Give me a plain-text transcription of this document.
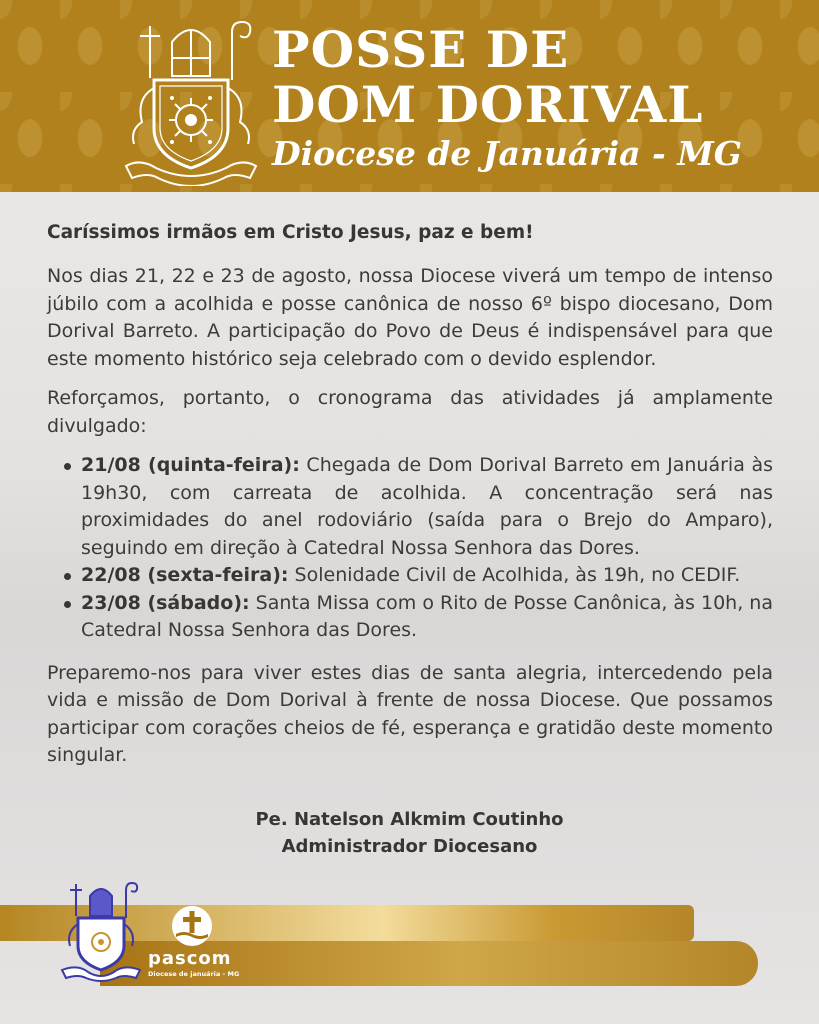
POSSE DE
DOM DORIVAL
Diocese de Januária - MG

Caríssimos irmãos em Cristo Jesus, paz e bem!

Nos dias 21, 22 e 23 de agosto, nossa Diocese viverá um tempo de intenso júbilo com a acolhida e posse canônica de nosso 6º bispo diocesano, Dom Dorival Barreto. A participação do Povo de Deus é indispensável para que este momento histórico seja celebrado com o devido esplendor.

Reforçamos, portanto, o cronograma das atividades já amplamente divulgado:

21/08 (quinta-feira): Chegada de Dom Dorival Barreto em Januária às 19h30, com carreata de acolhida. A concentração será nas proximidades do anel rodoviário (saída para o Brejo do Amparo), seguindo em direção à Catedral Nossa Senhora das Dores.
22/08 (sexta-feira): Solenidade Civil de Acolhida, às 19h, no CEDIF.
23/08 (sábado): Santa Missa com o Rito de Posse Canônica, às 10h, na Catedral Nossa Senhora das Dores.

Preparemo-nos para viver estes dias de santa alegria, intercedendo pela vida e missão de Dom Dorival à frente de nossa Diocese. Que possamos participar com corações cheios de fé, esperança e gratidão deste momento singular.

Pe. Natelson Alkmim Coutinho
Administrador Diocesano
pascom
Diocese de januária - MG
